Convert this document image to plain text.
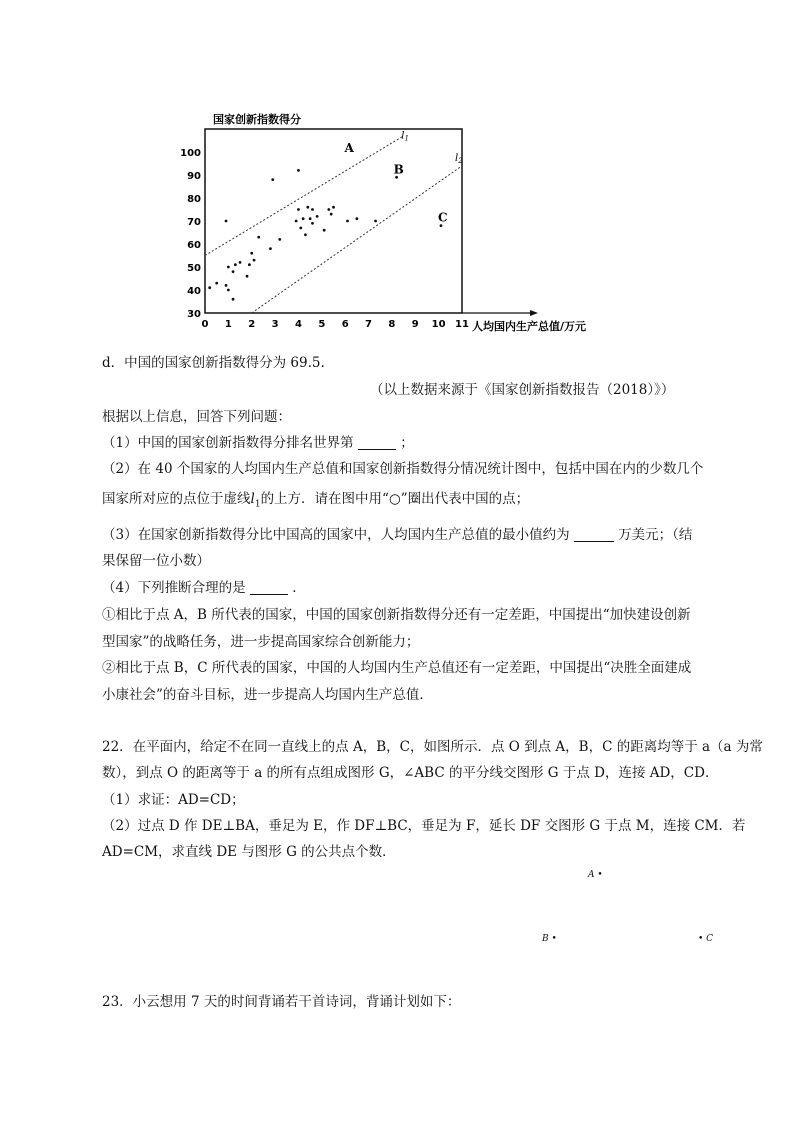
30
40
50
60
70
80
90
100
0 1 2 3 4 5 6 7 8 9 10 11
国家创新指数得分
人均国内生产总值/万元
$l_1$
$l_2$
A
B
C
d．中国的国家创新指数得分为 69.5.
（以上数据来源于《国家创新指数报告（2018）》）
根据以上信息，回答下列问题：
（1）中国的国家创新指数得分排名世界第	；
（2）在 40 个国家的人均国内生产总值和国家创新指数得分情况统计图中，包括中国在内的少数几个
国家所对应的点位于虚线$l_1$的上方．请在图中用“○”圈出代表中国的点；
（3）在国家创新指数得分比中国高的国家中，人均国内生产总值的最小值约为	万美元；（结
果保留一位小数）
（4）下列推断合理的是	．
①相比于点 A，B 所代表的国家，中国的国家创新指数得分还有一定差距，中国提出“加快建设创新
型国家”的战略任务，进一步提高国家综合创新能力；
②相比于点 B，C 所代表的国家，中国的人均国内生产总值还有一定差距，中国提出“决胜全面建成
小康社会”的奋斗目标，进一步提高人均国内生产总值．
22．在平面内，给定不在同一直线上的点 A，B，C，如图所示．点 O 到点 A，B，C 的距离均等于 a（a 为常
数），到点 O 的距离等于 a 的所有点组成图形 G，∠ABC 的平分线交图形 G 于点 D，连接 AD，CD．
（1）求证：AD=CD；
（2）过点 D 作 DE⊥BA，垂足为 E，作 DF⊥BC，垂足为 F，延长 DF 交图形 G 于点 M，连接 CM．若
AD=CM，求直线 DE 与图形 G 的公共点个数．
A •
B •	• C
23．小云想用 7 天的时间背诵若干首诗词，背诵计划如下：
